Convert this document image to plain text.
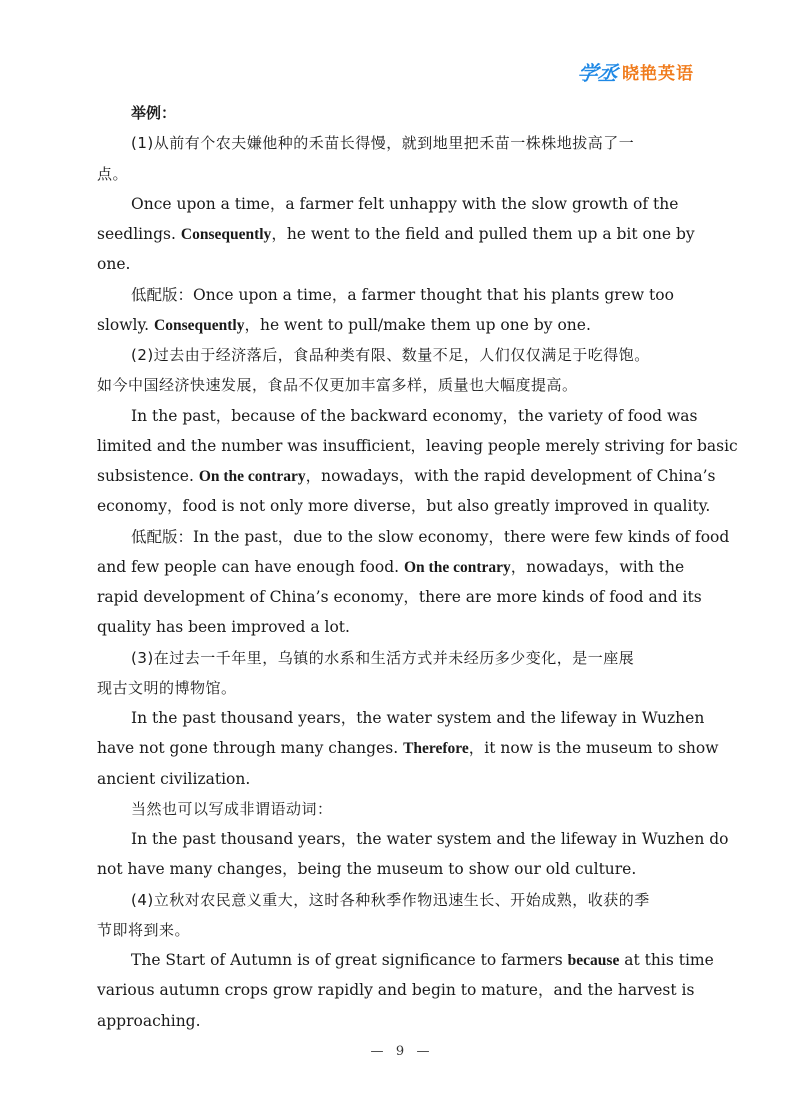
学丞 晓艳英语
举例：
(1)从前有个农夫嫌他种的禾苗长得慢，就到地里把禾苗一株株地拔高了一
点。
Once upon a time，a farmer felt unhappy with the slow growth of the
seedlings. Consequently，he went to the field and pulled them up a bit one by
one.
低配版：Once upon a time，a farmer thought that his plants grew too
slowly. Consequently，he went to pull/make them up one by one.
(2)过去由于经济落后，食品种类有限、数量不足，人们仅仅满足于吃得饱。
如今中国经济快速发展，食品不仅更加丰富多样，质量也大幅度提高。
In the past，because of the backward economy，the variety of food was
limited and the number was insufficient，leaving people merely striving for basic
subsistence. On the contrary，nowadays，with the rapid development of China’s
economy，food is not only more diverse，but also greatly improved in quality.
低配版：In the past，due to the slow economy，there were few kinds of food
and few people can have enough food. On the contrary，nowadays，with the
rapid development of China’s economy，there are more kinds of food and its
quality has been improved a lot.
(3)在过去一千年里，乌镇的水系和生活方式并未经历多少变化，是一座展
现古文明的博物馆。
In the past thousand years，the water system and the lifeway in Wuzhen
have not gone through many changes. Therefore，it now is the museum to show
ancient civilization.
当然也可以写成非谓语动词：
In the past thousand years，the water system and the lifeway in Wuzhen do
not have many changes，being the museum to show our old culture.
(4)立秋对农民意义重大，这时各种秋季作物迅速生长、开始成熟，收获的季
节即将到来。
The Start of Autumn is of great significance to farmers because at this time
various autumn crops grow rapidly and begin to mature，and the harvest is
approaching.
— 9 —
